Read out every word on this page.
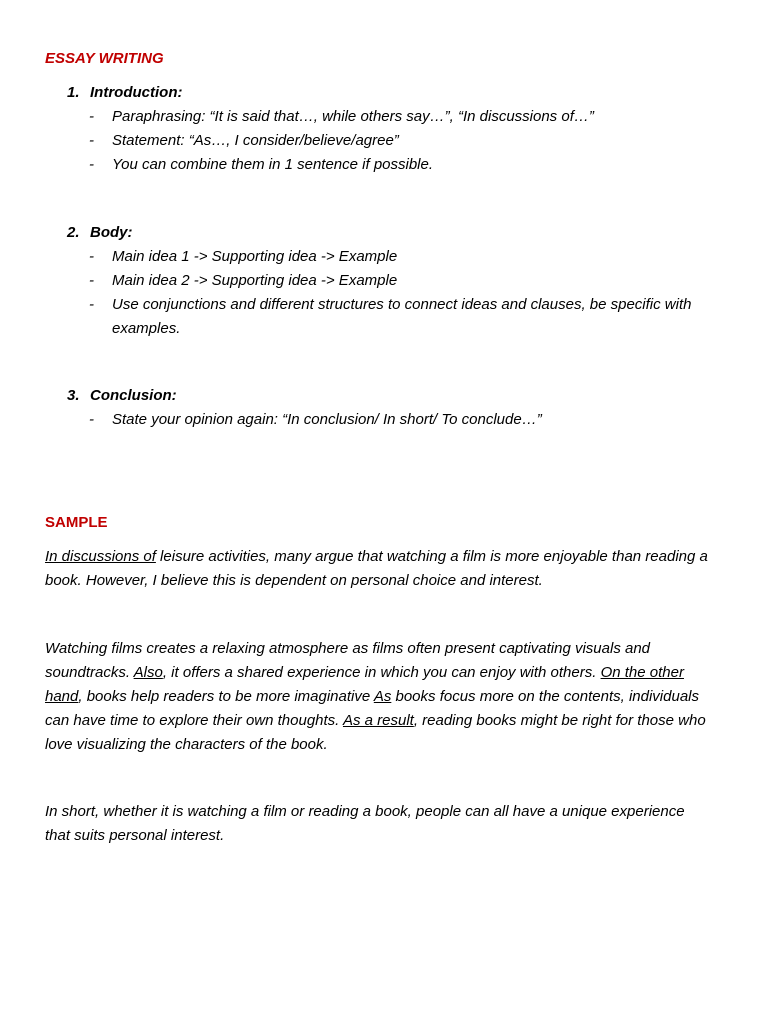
ESSAY WRITING

1. Introduction:

-	Paraphrasing: “It is said that…, while others say…”, “In discussions of…”
-	Statement: “As…, I consider/believe/agree”
-	You can combine them in 1 sentence if possible.

2. Body:

-	Main idea 1 -> Supporting idea -> Example
-	Main idea 2 -> Supporting idea -> Example
-	Use conjunctions and different structures to connect ideas and clauses, be specific with examples.

3. Conclusion:

-	State your opinion again: “In conclusion/ In short/ To conclude…”
SAMPLE

In discussions of leisure activities, many argue that watching a film is more enjoyable than reading a book. However, I believe this is dependent on personal choice and interest.

Watching films creates a relaxing atmosphere as films often present captivating visuals and soundtracks. Also, it offers a shared experience in which you can enjoy with others. On the other hand, books help readers to be more imaginative As books focus more on the contents, individuals can have time to explore their own thoughts. As a result, reading books might be right for those who love visualizing the characters of the book.

In short, whether it is watching a film or reading a book, people can all have a unique experience that suits personal interest.
